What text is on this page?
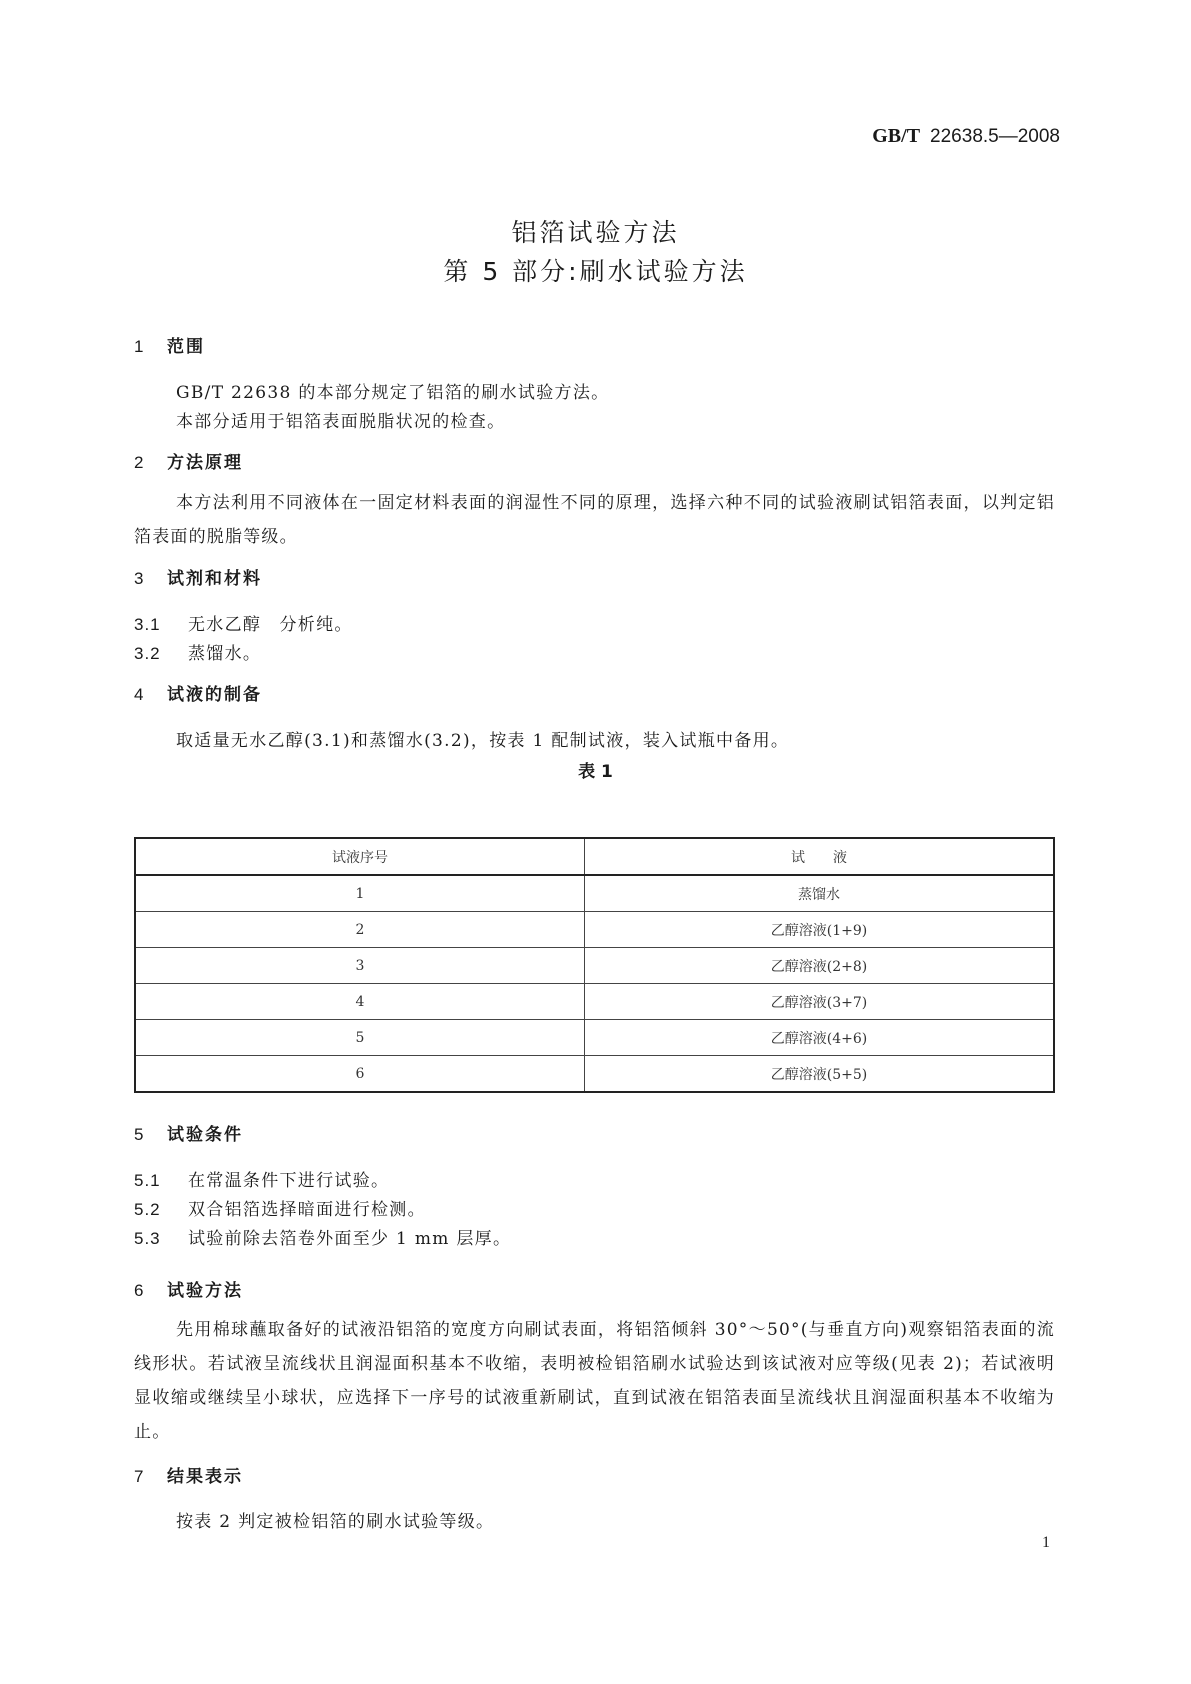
GB/T 22638.5—2008
铝箔试验方法
第 5 部分:刷水试验方法
1 范围
GB/T 22638 的本部分规定了铝箔的刷水试验方法。
本部分适用于铝箔表面脱脂状况的检查。
2 方法原理
本方法利用不同液体在一固定材料表面的润湿性不同的原理，选择六种不同的试验液刷试铝箔表面，以判定铝箔表面的脱脂等级。
3 试剂和材料
3.1 无水乙醇　分析纯。
3.2 蒸馏水。
4 试液的制备
取适量无水乙醇(3.1)和蒸馏水(3.2)，按表 1 配制试液，装入试瓶中备用。
表 1
试液序号	试　　液
1	蒸馏水
2	乙醇溶液(1+9)
3	乙醇溶液(2+8)
4	乙醇溶液(3+7)
5	乙醇溶液(4+6)
6	乙醇溶液(5+5)
5 试验条件
5.1 在常温条件下进行试验。
5.2 双合铝箔选择暗面进行检测。
5.3 试验前除去箔卷外面至少 1 mm 层厚。
6 试验方法
先用棉球蘸取备好的试液沿铝箔的宽度方向刷试表面，将铝箔倾斜 30°～50°(与垂直方向)观察铝箔表面的流线形状。若试液呈流线状且润湿面积基本不收缩，表明被检铝箔刷水试验达到该试液对应等级(见表 2)；若试液明显收缩或继续呈小球状，应选择下一序号的试液重新刷试，直到试液在铝箔表面呈流线状且润湿面积基本不收缩为止。
7 结果表示
按表 2 判定被检铝箔的刷水试验等级。
1
